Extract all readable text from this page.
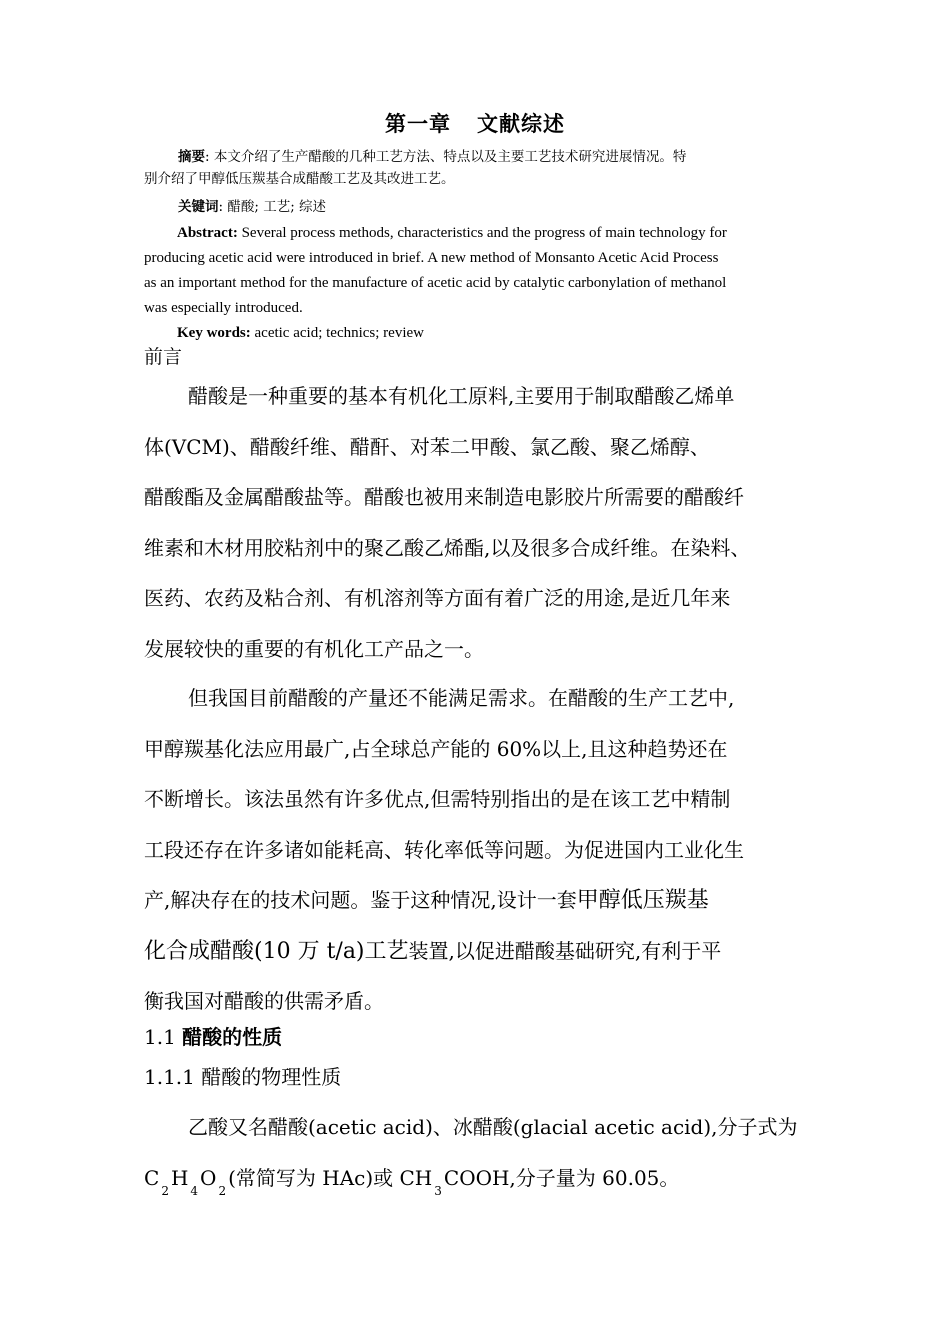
第一章 文献综述
摘要: 本文介绍了生产醋酸的几种工艺方法、特点以及主要工艺技术研究进展情况。特
别介绍了甲醇低压羰基合成醋酸工艺及其改进工艺。
关键词: 醋酸; 工艺; 综述
Abstract: Several process methods, characteristics and the progress of main technology for
producing acetic acid were introduced in brief. A new method of Monsanto Acetic Acid Process
as an important method for the manufacture of acetic acid by catalytic carbonylation of methanol
was especially introduced.
Key words: acetic acid; technics; review
前言
醋酸是一种重要的基本有机化工原料,主要用于制取醋酸乙烯单
体(VCM)、醋酸纤维、醋酐、对苯二甲酸、氯乙酸、聚乙烯醇、
醋酸酯及金属醋酸盐等。醋酸也被用来制造电影胶片所需要的醋酸纤
维素和木材用胶粘剂中的聚乙酸乙烯酯,以及很多合成纤维。在染料、
医药、农药及粘合剂、有机溶剂等方面有着广泛的用途,是近几年来
发展较快的重要的有机化工产品之一。
但我国目前醋酸的产量还不能满足需求。在醋酸的生产工艺中,
甲醇羰基化法应用最广,占全球总产能的 60%以上,且这种趋势还在
不断增长。该法虽然有许多优点,但需特别指出的是在该工艺中精制
工段还存在许多诸如能耗高、转化率低等问题。为促进国内工业化生
产,解决存在的技术问题。鉴于这种情况,设计一套甲醇低压羰基
化合成醋酸(10 万 t/a)工艺装置,以促进醋酸基础研究,有利于平
衡我国对醋酸的供需矛盾。
1.1 醋酸的性质
1.1.1 醋酸的物理性质
乙酸又名醋酸(acetic acid)、冰醋酸(glacial acetic acid),分子式为
$C_2H_4O_2$(常简写为 HAc)或 $CH_3COOH$,分子量为 60.05。
